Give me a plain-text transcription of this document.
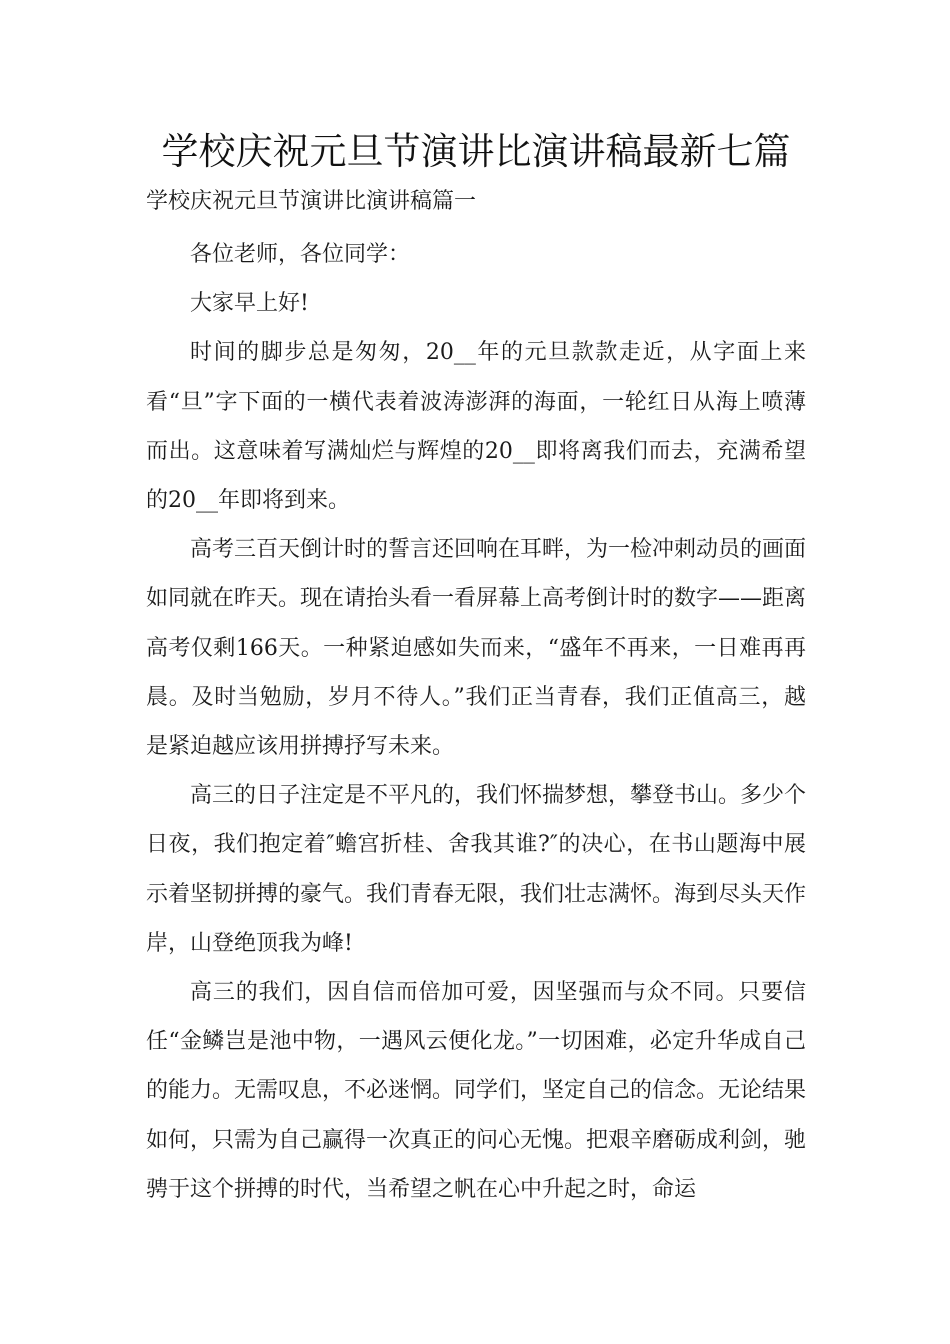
学校庆祝元旦节演讲比演讲稿最新七篇
学校庆祝元旦节演讲比演讲稿篇一

各位老师，各位同学：

大家早上好!

时间的脚步总是匆匆，20__年的元旦款款走近，从字面上来看“旦”字下面的一横代表着波涛澎湃的海面，一轮红日从海上喷薄而出。这意味着写满灿烂与辉煌的20__即将离我们而去，充满希望的20__年即将到来。

高考三百天倒计时的誓言还回响在耳畔，为一检冲刺动员的画面如同就在昨天。现在请抬头看一看屏幕上高考倒计时的数字——距离高考仅剩166天。一种紧迫感如失而来，“盛年不再来，一日难再再晨。及时当勉励，岁月不待人。”我们正当青春，我们正值高三，越是紧迫越应该用拼搏抒写未来。

高三的日子注定是不平凡的，我们怀揣梦想，攀登书山。多少个日夜，我们抱定着″蟾宫折桂、舍我其谁?″的决心，在书山题海中展示着坚韧拼搏的豪气。我们青春无限，我们壮志满怀。海到尽头天作岸，山登绝顶我为峰!

高三的我们，因自信而倍加可爱，因坚强而与众不同。只要信任“金鳞岂是池中物，一遇风云便化龙。”一切困难，必定升华成自己的能力。无需叹息，不必迷惘。同学们，坚定自己的信念。无论结果如何，只需为自己赢得一次真正的问心无愧。把艰辛磨砺成利剑，驰骋于这个拼搏的时代，当希望之帆在心中升起之时，命运
